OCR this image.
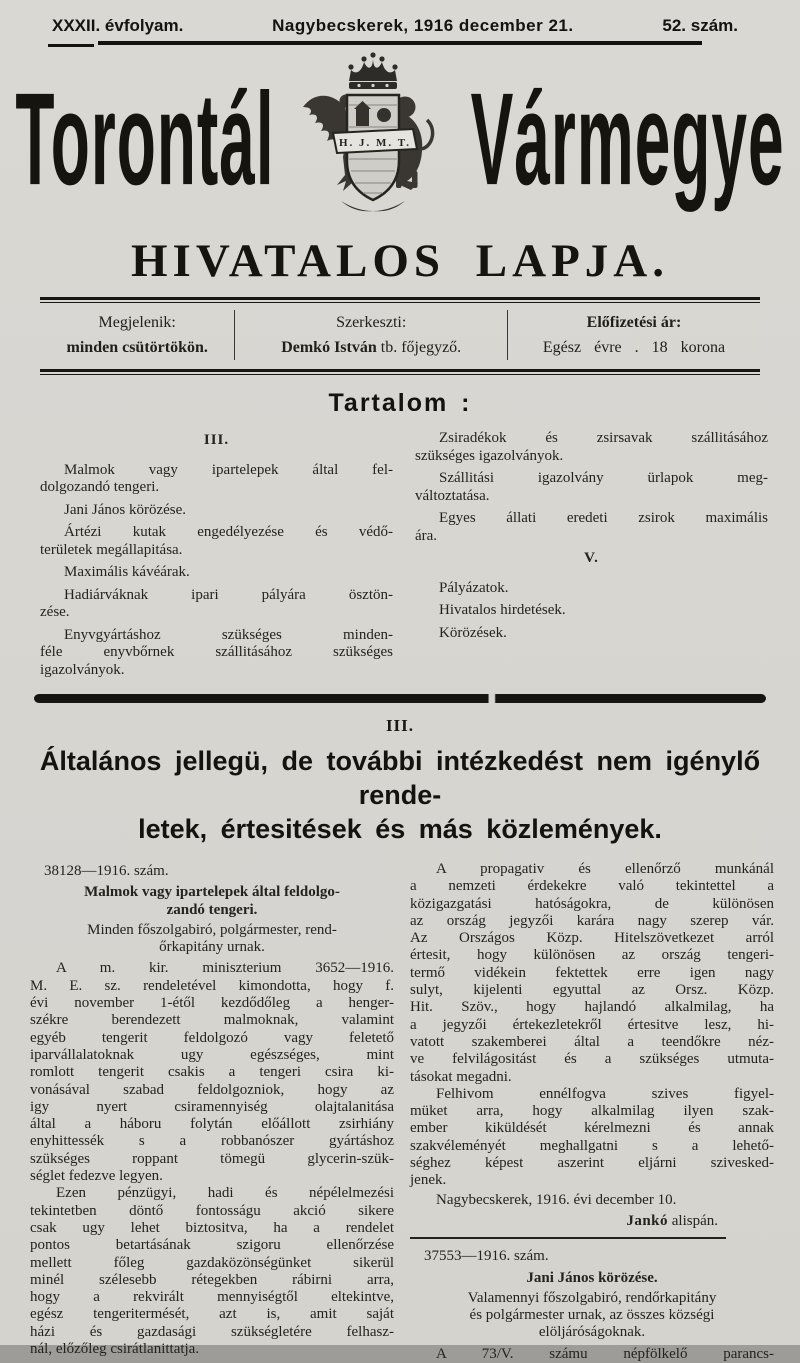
XXXII. évfolyam.	Nagybecskerek, 1916 december 21.	52. szám.
Torontál	H. J. M. T. Vármegye
HIVATALOS LAPJA.
Megjelenik:
minden csütörtökön.
Szerkeszti:
Demkó István tb. főjegyző.
Előfizetési ár:
Egész évre . 18 korona
Tartalom :
III.
Malmok vagy ipartelepek által fel-
dolgozandó tengeri.
Jani János körözése.
Ártézi kutak engedélyezése és védő-
területek megállapitása.
Maximális kávéárak.
Hadiárváknak ipari pályára ösztön-
zése.
Enyvgyártáshoz szükséges minden-
féle enyvbőrnek szállitásához szükséges
igazolványok.
Zsiradékok és zsirsavak szállitásához
szükséges igazolványok.
Szállitási igazolvány ürlapok meg-
változtatása.
Egyes állati eredeti zsirok maximális
ára.
V.
Pályázatok.
Hivatalos hirdetések.
Körözések.
III.
Általános jellegü, de további intézkedést nem igénylő rende-
letek, értesitések és más közlemények.
38128—1916. szám.
Malmok vagy ipartelepek által feldolgo-
zandó tengeri.
Minden főszolgabiró, polgármester, rend-
őrkapitány urnak.
A m. kir. miniszterium 3652—1916.
M. E. sz. rendeletével kimondotta, hogy f.
évi november 1-étől kezdődőleg a henger-
székre berendezett malmoknak, valamint
egyéb tengerit feldolgozó vagy feletető
iparvállalatoknak ugy egészséges, mint
romlott tengerit csakis a tengeri csira ki-
vonásával szabad feldolgozniok, hogy az
igy nyert csiramennyiség olajtalanitása
által a háboru folytán előállott zsirhiány
enyhittessék s a robbanószer gyártáshoz
szükséges roppant tömegü glycerin-szük-
séglet fedezve legyen.
Ezen pénzügyi, hadi és népélelmezési
tekintetben döntő fontosságu akció sikere
csak ugy lehet biztositva, ha a rendelet
pontos betartásának szigoru ellenőrzése
mellett főleg gazdaközönségünket sikerül
minél szélesebb rétegekben rábirni arra,
hogy a rekvirált mennyiségtől eltekintve,
egész tengeritermését, azt is, amit saját
házi és gazdasági szükségletére felhasz-
nál, előzőleg csirátlanittatja.
A propagativ és ellenőrző munkánál
a nemzeti érdekekre való tekintettel a
közigazgatási hatóságokra, de különösen
az ország jegyzői karára nagy szerep vár.
Az Országos Közp. Hitelszövetkezet arról
értesit, hogy különösen az ország tengeri-
termő vidékein fektettek erre igen nagy
sulyt, kijelenti egyuttal az Orsz. Közp.
Hit. Szöv., hogy hajlandó alkalmilag, ha
a jegyzői értekezletekről értesitve lesz, hi-
vatott szakemberei által a teendőkre néz-
ve felvilágositást és a szükséges utmuta-
tásokat megadni.
Felhivom ennélfogva szives figyel-
müket arra, hogy alkalmilag ilyen szak-
ember kiküldését kérelmezni és annak
szakvéleményét meghallgatni s a lehető-
séghez képest aszerint eljárni szivesked-
jenek.
Nagybecskerek, 1916. évi december 10.
Jankó alispán.
37553—1916. szám.
Jani János körözése.
Valamennyi főszolgabiró, rendőrkapitány
és polgármester urnak, az összes községi
elöljáróságoknak.
A 73/V. számu népfölkelő parancs-
